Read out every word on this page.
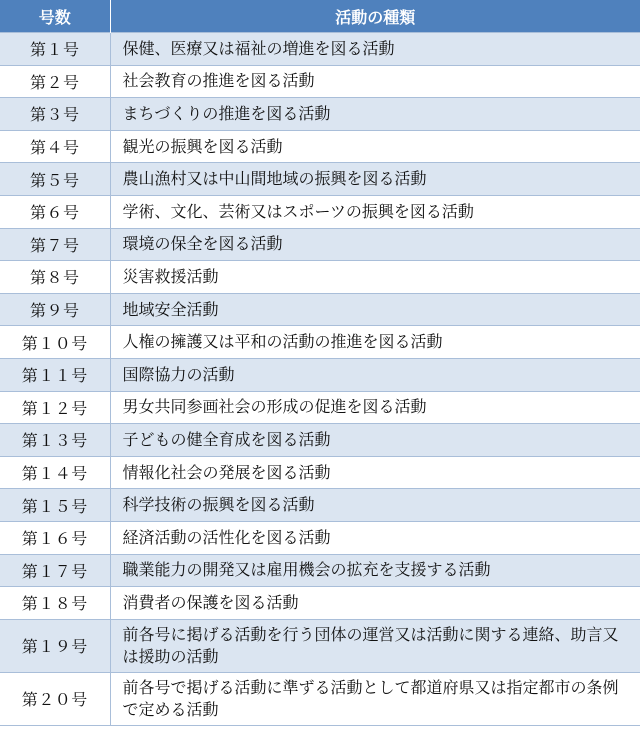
号数	活動の種類
第１号	保健、医療又は福祉の増進を図る活動
第２号	社会教育の推進を図る活動
第３号	まちづくりの推進を図る活動
第４号	観光の振興を図る活動
第５号	農山漁村又は中山間地域の振興を図る活動
第６号	学術、文化、芸術又はスポーツの振興を図る活動
第７号	環境の保全を図る活動
第８号	災害救援活動
第９号	地域安全活動
第１０号	人権の擁護又は平和の活動の推進を図る活動
第１１号	国際協力の活動
第１２号	男女共同参画社会の形成の促進を図る活動
第１３号	子どもの健全育成を図る活動
第１４号	情報化社会の発展を図る活動
第１５号	科学技術の振興を図る活動
第１６号	経済活動の活性化を図る活動
第１７号	職業能力の開発又は雇用機会の拡充を支援する活動
第１８号	消費者の保護を図る活動
第１９号	前各号に掲げる活動を行う団体の運営又は活動に関する連絡、助言又は援助の活動
第２０号	前各号で掲げる活動に準ずる活動として都道府県又は指定都市の条例で定める活動
